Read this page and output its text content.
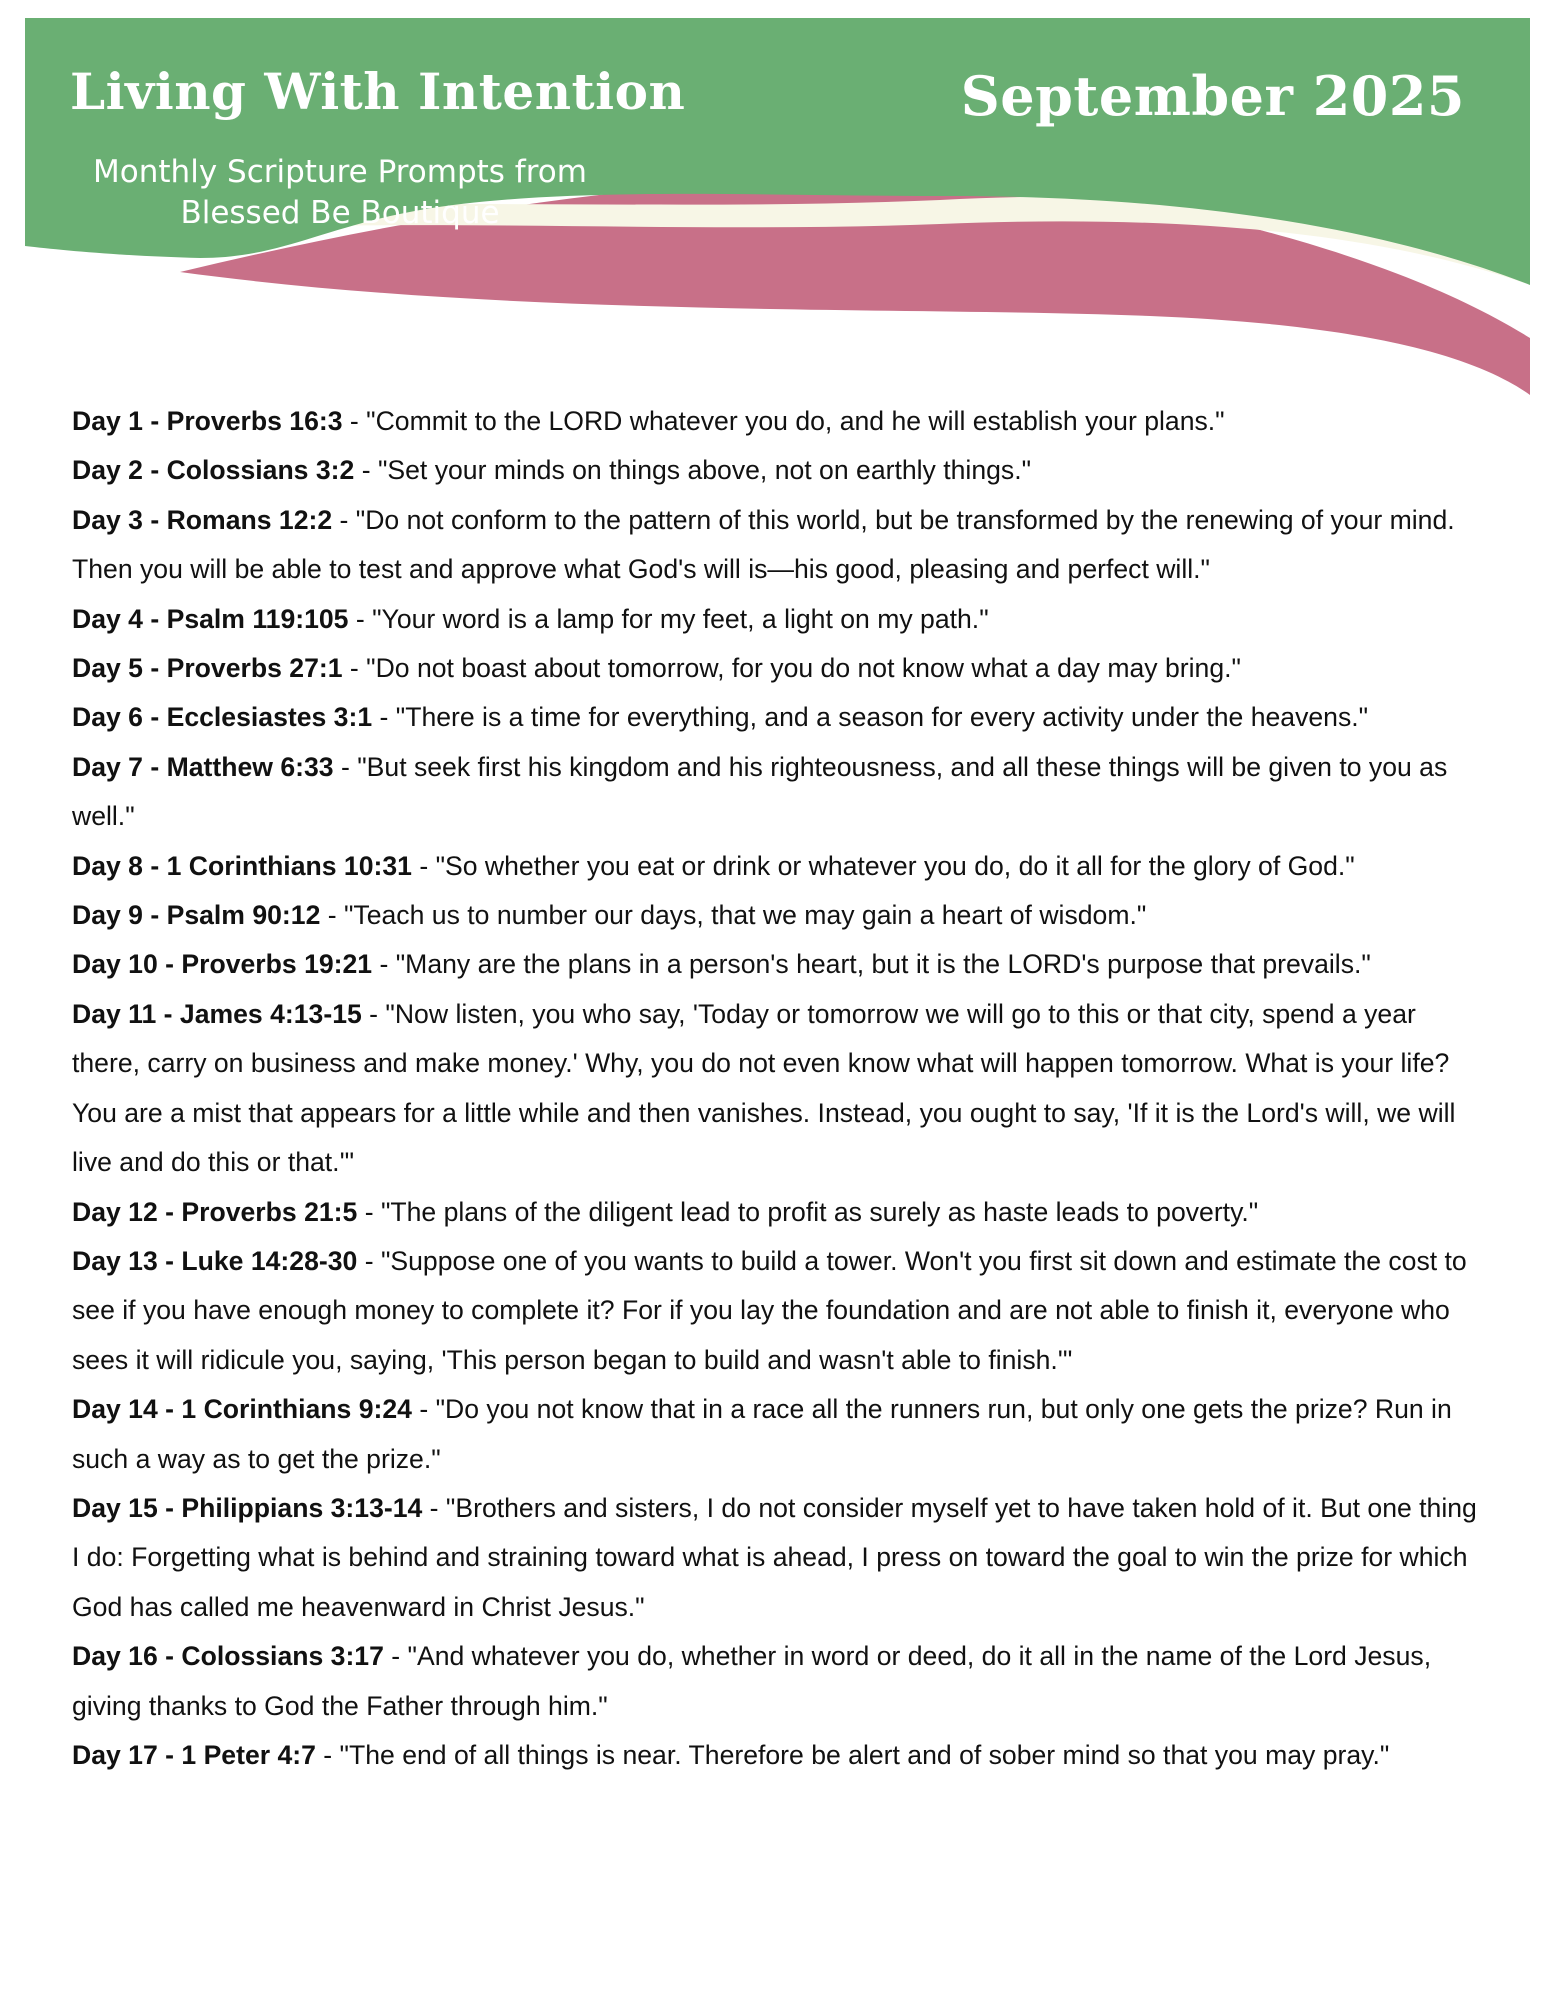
Living With Intention	September 2025
Monthly Scripture Prompts from
Blessed Be Boutique
Day 1 - Proverbs 16:3 - "Commit to the LORD whatever you do, and he will establish your plans."
Day 2 - Colossians 3:2 - "Set your minds on things above, not on earthly things."
Day 3 - Romans 12:2 - "Do not conform to the pattern of this world, but be transformed by the renewing of your mind. Then you will be able to test and approve what God's will is—his good, pleasing and perfect will."
Day 4 - Psalm 119:105 - "Your word is a lamp for my feet, a light on my path."
Day 5 - Proverbs 27:1 - "Do not boast about tomorrow, for you do not know what a day may bring."
Day 6 - Ecclesiastes 3:1 - "There is a time for everything, and a season for every activity under the heavens."
Day 7 - Matthew 6:33 - "But seek first his kingdom and his righteousness, and all these things will be given to you as well."
Day 8 - 1 Corinthians 10:31 - "So whether you eat or drink or whatever you do, do it all for the glory of God."
Day 9 - Psalm 90:12 - "Teach us to number our days, that we may gain a heart of wisdom."
Day 10 - Proverbs 19:21 - "Many are the plans in a person's heart, but it is the LORD's purpose that prevails."
Day 11 - James 4:13-15 - "Now listen, you who say, 'Today or tomorrow we will go to this or that city, spend a year there, carry on business and make money.' Why, you do not even know what will happen tomorrow. What is your life? You are a mist that appears for a little while and then vanishes. Instead, you ought to say, 'If it is the Lord's will, we will live and do this or that.'"
Day 12 - Proverbs 21:5 - "The plans of the diligent lead to profit as surely as haste leads to poverty."
Day 13 - Luke 14:28-30 - "Suppose one of you wants to build a tower. Won't you first sit down and estimate the cost to see if you have enough money to complete it? For if you lay the foundation and are not able to finish it, everyone who sees it will ridicule you, saying, 'This person began to build and wasn't able to finish.'"
Day 14 - 1 Corinthians 9:24 - "Do you not know that in a race all the runners run, but only one gets the prize? Run in such a way as to get the prize."
Day 15 - Philippians 3:13-14 - "Brothers and sisters, I do not consider myself yet to have taken hold of it. But one thing I do: Forgetting what is behind and straining toward what is ahead, I press on toward the goal to win the prize for which God has called me heavenward in Christ Jesus."
Day 16 - Colossians 3:17 - "And whatever you do, whether in word or deed, do it all in the name of the Lord Jesus, giving thanks to God the Father through him."
Day 17 - 1 Peter 4:7 - "The end of all things is near. Therefore be alert and of sober mind so that you may pray."
